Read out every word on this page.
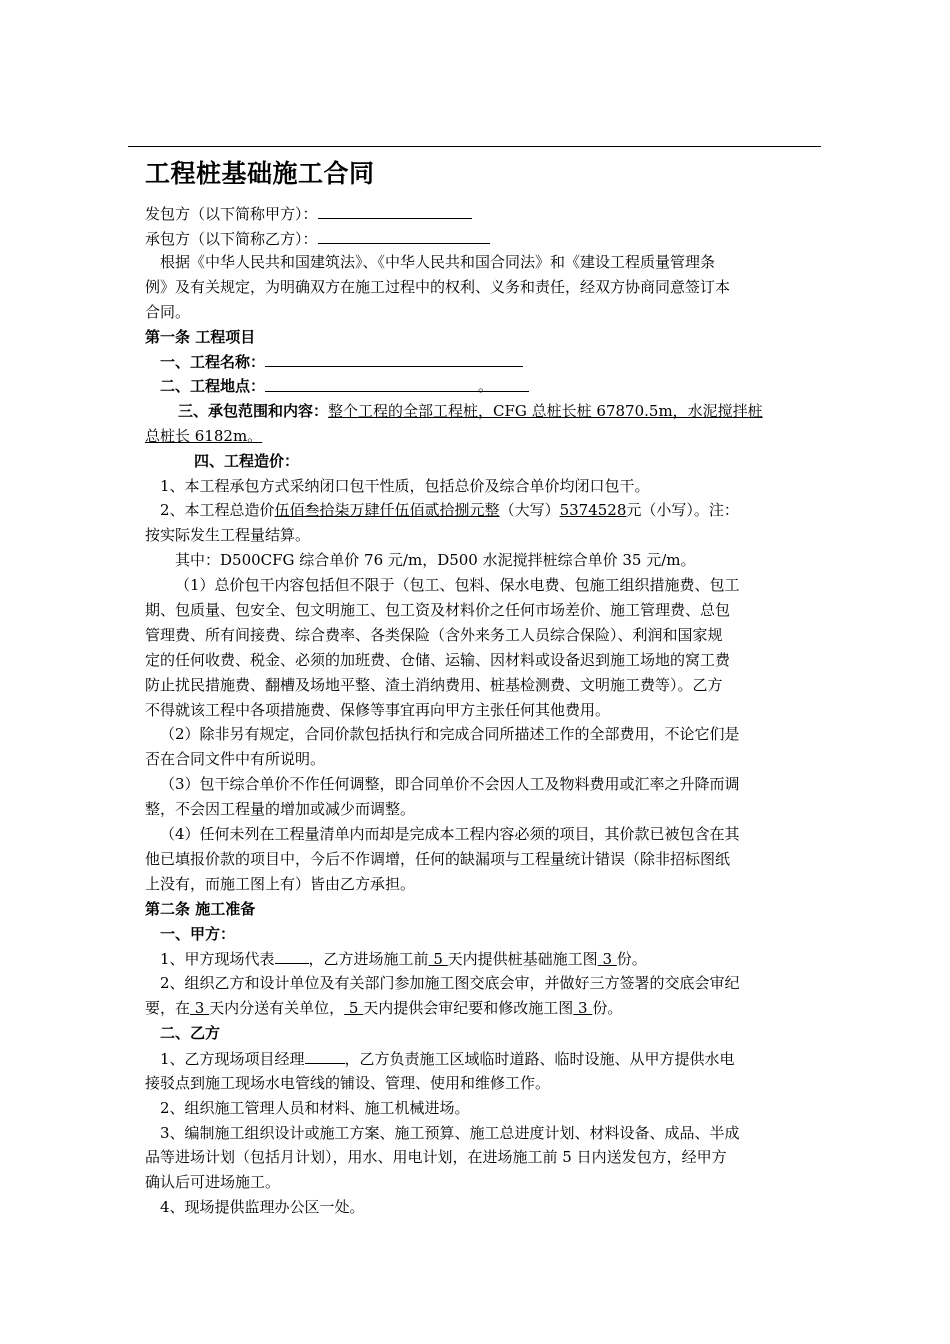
工程桩基础施工合同
发包方（以下简称甲方）：
承包方（以下简称乙方）：
根据《中华人民共和国建筑法》、《中华人民共和国合同法》和《建设工程质量管理条
例》及有关规定，为明确双方在施工过程中的权利、义务和责任，经双方协商同意签订本
合同。
第一条 工程项目
一、工程名称：
二、工程地点：	。
三、承包范围和内容：整个工程的全部工程桩，CFG 总桩长桩 67870.5m，水泥搅拌桩
总桩长 6182m。
四、工程造价：
1、本工程承包方式采纳闭口包干性质，包括总价及综合单价均闭口包干。
2、本工程总造价伍佰叁拾柒万肆仟伍佰贰拾捌元整（大写）5374528元（小写）。注：
按实际发生工程量结算。
其中：D500CFG 综合单价 76 元/m，D500 水泥搅拌桩综合单价 35 元/m。
（1）总价包干内容包括但不限于（包工、包料、保水电费、包施工组织措施费、包工
期、包质量、包安全、包文明施工、包工资及材料价之任何市场差价、施工管理费、总包
管理费、所有间接费、综合费率、各类保险（含外来务工人员综合保险）、利润和国家规
定的任何收费、税金、必须的加班费、仓储、运输、因材料或设备迟到施工场地的窝工费
防止扰民措施费、翻槽及场地平整、渣土消纳费用、桩基检测费、文明施工费等）。乙方
不得就该工程中各项措施费、保修等事宜再向甲方主张任何其他费用。
（2）除非另有规定，合同价款包括执行和完成合同所描述工作的全部费用，不论它们是
否在合同文件中有所说明。
（3）包干综合单价不作任何调整，即合同单价不会因人工及物料费用或汇率之升降而调
整，不会因工程量的增加或减少而调整。
（4）任何未列在工程量清单内而却是完成本工程内容必须的项目，其价款已被包含在其
他已填报价款的项目中，今后不作调增，任何的缺漏项与工程量统计错误（除非招标图纸
上没有，而施工图上有）皆由乙方承担。
第二条 施工准备
一、甲方：
1、甲方现场代表 ，乙方进场施工前 5 天内提供桩基础施工图 3 份。
2、组织乙方和设计单位及有关部门参加施工图交底会审，并做好三方签署的交底会审纪
要，在 3 天内分送有关单位， 5 天内提供会审纪要和修改施工图 3 份。
二、乙方
1、乙方现场项目经理	，乙方负责施工区域临时道路、临时设施、从甲方提供水电
接驳点到施工现场水电管线的铺设、管理、使用和维修工作。
2、组织施工管理人员和材料、施工机械进场。
3、编制施工组织设计或施工方案、施工预算、施工总进度计划、材料设备、成品、半成
品等进场计划（包括月计划），用水、用电计划，在进场施工前 5 日内送发包方，经甲方
确认后可进场施工。
4、现场提供监理办公区一处。
